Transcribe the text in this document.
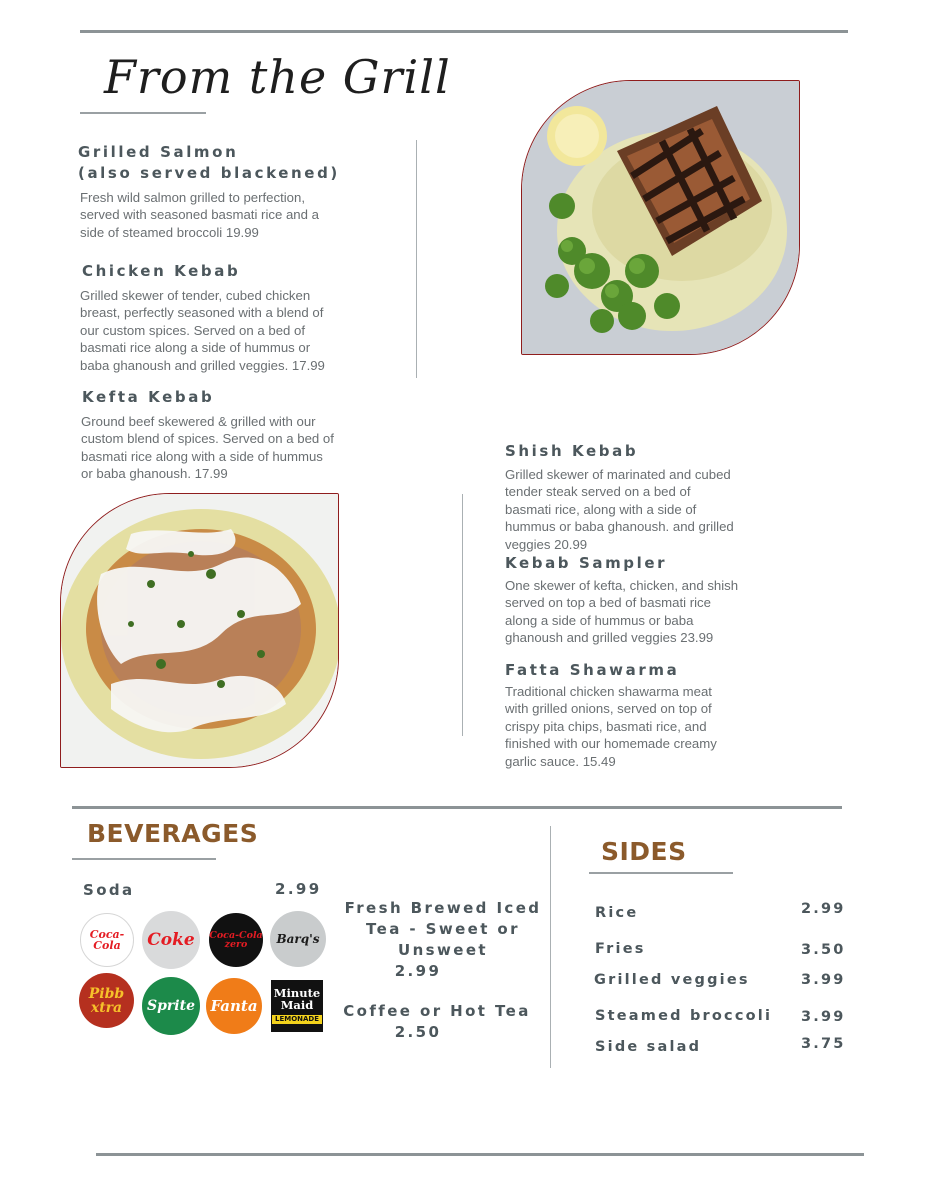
From the Grill
Grilled Salmon
(also served blackened)
Fresh wild salmon grilled to perfection,
served with seasoned basmati rice and a
side of steamed broccoli 19.99
Chicken Kebab
Grilled skewer of tender, cubed chicken
breast, perfectly seasoned with a blend of
our custom spices. Served on a bed of
basmati rice along a side of hummus or
baba ghanoush and grilled veggies. 17.99
Kefta Kebab
Ground beef skewered & grilled with our
custom blend of spices. Served on a bed of
basmati rice along with a side of hummus
or baba ghanoush. 17.99
Shish Kebab
Grilled skewer of marinated and cubed
tender steak served on a bed of
basmati rice, along with a side of
hummus or baba ghanoush. and grilled
veggies 20.99
Kebab Sampler
One skewer of kefta, chicken, and shish
served on top a bed of basmati rice
along a side of hummus or baba
ghanoush and grilled veggies 23.99
Fatta Shawarma
Traditional chicken shawarma meat
with grilled onions, served on top of
crispy pita chips, basmati rice, and
finished with our homemade creamy
garlic sauce. 15.49
BEVERAGES
Soda	2.99
Coca-Cola	Coke Coca-Cola zero	Barq's
Pibb xtra	Sprite Fanta
Minute Maid
LEMONADE
Fresh Brewed Iced
Tea - Sweet or
Unsweet
2.99
Coffee or Hot Tea
2.50
SIDES
Rice	2.99
Fries	3.50
Grilled veggies	3.99
Steamed broccoli 3.99
Side salad	3.75
